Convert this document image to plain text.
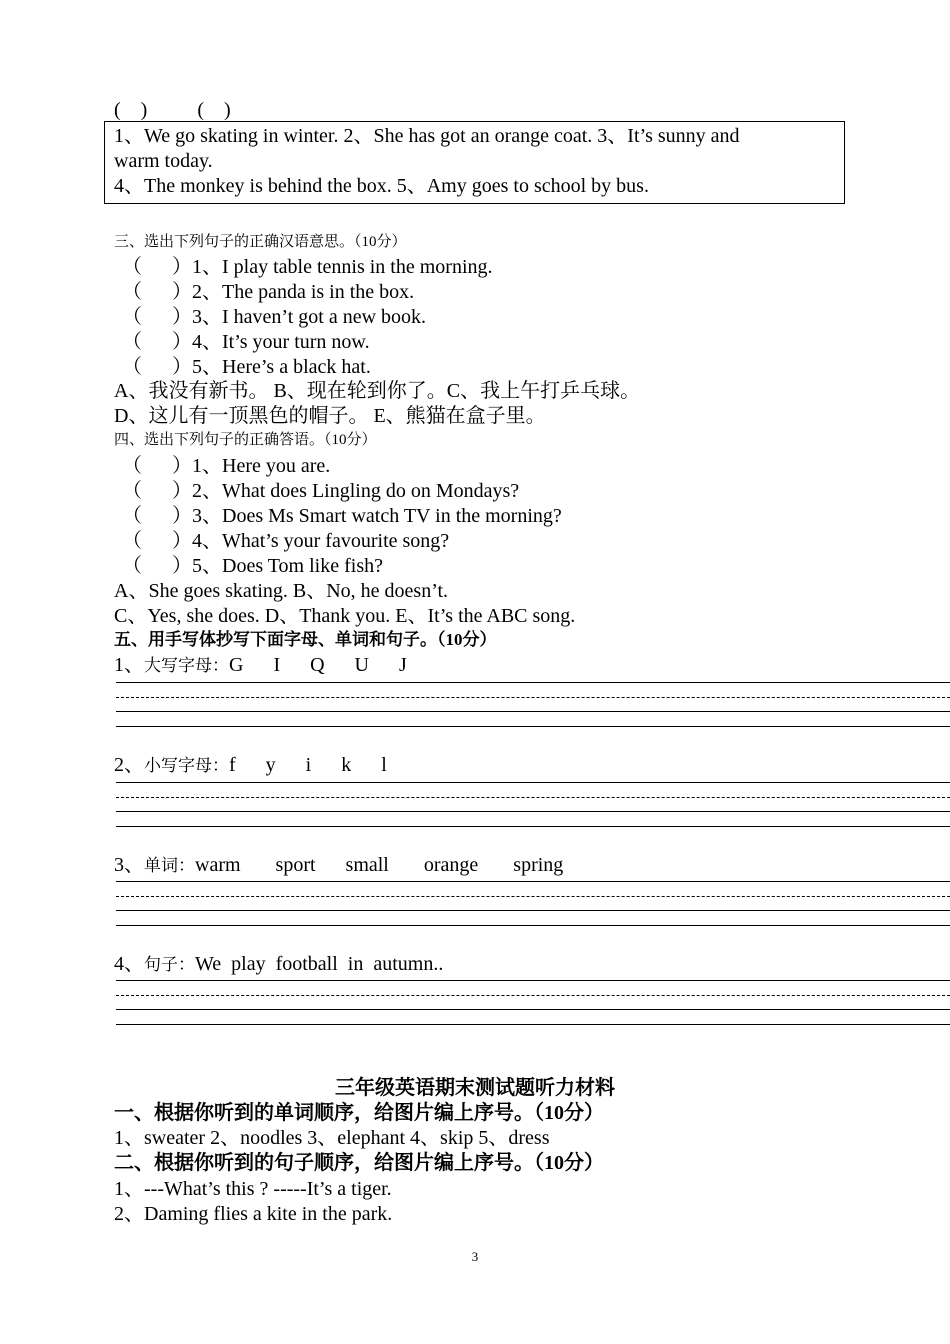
(    )          (    )
1、We go skating in winter. 2、She has got an orange coat. 3、It’s sunny and
warm today.
4、The monkey is behind the box. 5、Amy goes to school by bus.
三、选出下列句子的正确汉语意思。（10分）
（      ）1、I play table tennis in the morning.
（      ）2、The panda is in the box.
（      ）3、I haven’t got a new book.
（      ）4、It’s your turn now.
（      ）5、Here’s a black hat.
A、我没有新书。 B、现在轮到你了。C、我上午打乒乓球。
D、这儿有一顶黑色的帽子。 E、熊猫在盒子里。
四、选出下列句子的正确答语。（10分）
（      ）1、Here you are.
（      ）2、What does Lingling do on Mondays?
（      ）3、Does Ms Smart watch TV in the morning?
（      ）4、What’s your favourite song?
（      ）5、Does Tom like fish?
A、She goes skating. B、No, he doesn’t.
C、Yes, she does. D、Thank you. E、It’s the ABC song.
五、用手写体抄写下面字母、单词和句子。（10分）
1、大写字母：G      I      Q      U      J
2、小写字母：f      y      i      k      l
3、单词：warm       sport      small       orange       spring
4、句子：We  play  football  in  autumn..
三年级英语期末测试题听力材料
一、根据你听到的单词顺序，给图片编上序号。（10分）
1、sweater 2、noodles 3、elephant 4、skip 5、dress
二、根据你听到的句子顺序，给图片编上序号。（10分）
1、---What’s this ? -----It’s a tiger.
2、Daming flies a kite in the park.
3
